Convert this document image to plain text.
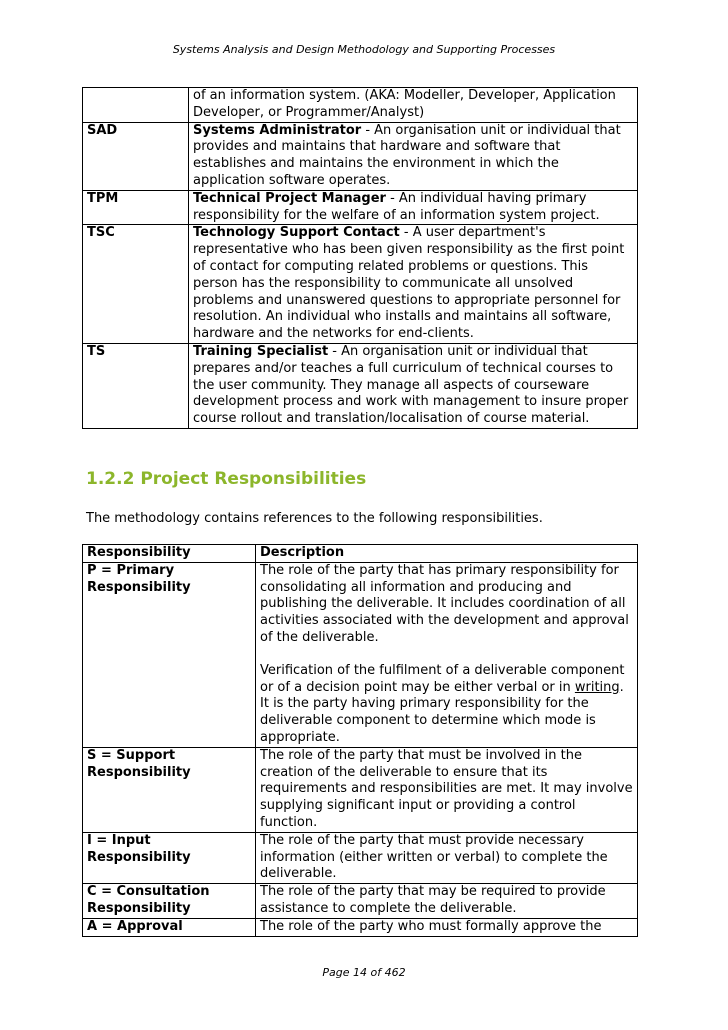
Systems Analysis and Design Methodology and Supporting Processes
	of an information system. (AKA: Modeller, Developer, Application Developer, or Programmer/Analyst)
SAD	Systems Administrator - An organisation unit or individual that provides and maintains that hardware and software that establishes and maintains the environment in which the application software operates.
TPM	Technical Project Manager - An individual having primary responsibility for the welfare of an information system project.
TSC	Technology Support Contact - A user department's representative who has been given responsibility as the first point of contact for computing related problems or questions. This person has the responsibility to communicate all unsolved problems and unanswered questions to appropriate personnel for resolution. An individual who installs and maintains all software, hardware and the networks for end-clients.
TS	Training Specialist - An organisation unit or individual that prepares and/or teaches a full curriculum of technical courses to the user community. They manage all aspects of courseware development process and work with management to insure proper course rollout and translation/localisation of course material.
1.2.2 Project Responsibilities
The methodology contains references to the following responsibilities.
Responsibility	Description
P = Primary
Responsibility	The role of the party that has primary responsibility for consolidating all information and producing and publishing the deliverable. It includes coordination of all activities associated with the development and approval of the deliverable.
Verification of the fulfilment of a deliverable component or of a decision point may be either verbal or in writing. It is the party having primary responsibility for the deliverable component to determine which mode is appropriate.
S = Support
Responsibility	The role of the party that must be involved in the creation of the deliverable to ensure that its requirements and responsibilities are met. It may involve supplying significant input or providing a control function.
I = Input
Responsibility	The role of the party that must provide necessary information (either written or verbal) to complete the deliverable.
C = Consultation
Responsibility	The role of the party that may be required to provide assistance to complete the deliverable.
A = Approval	The role of the party who must formally approve the
Page 14 of 462
